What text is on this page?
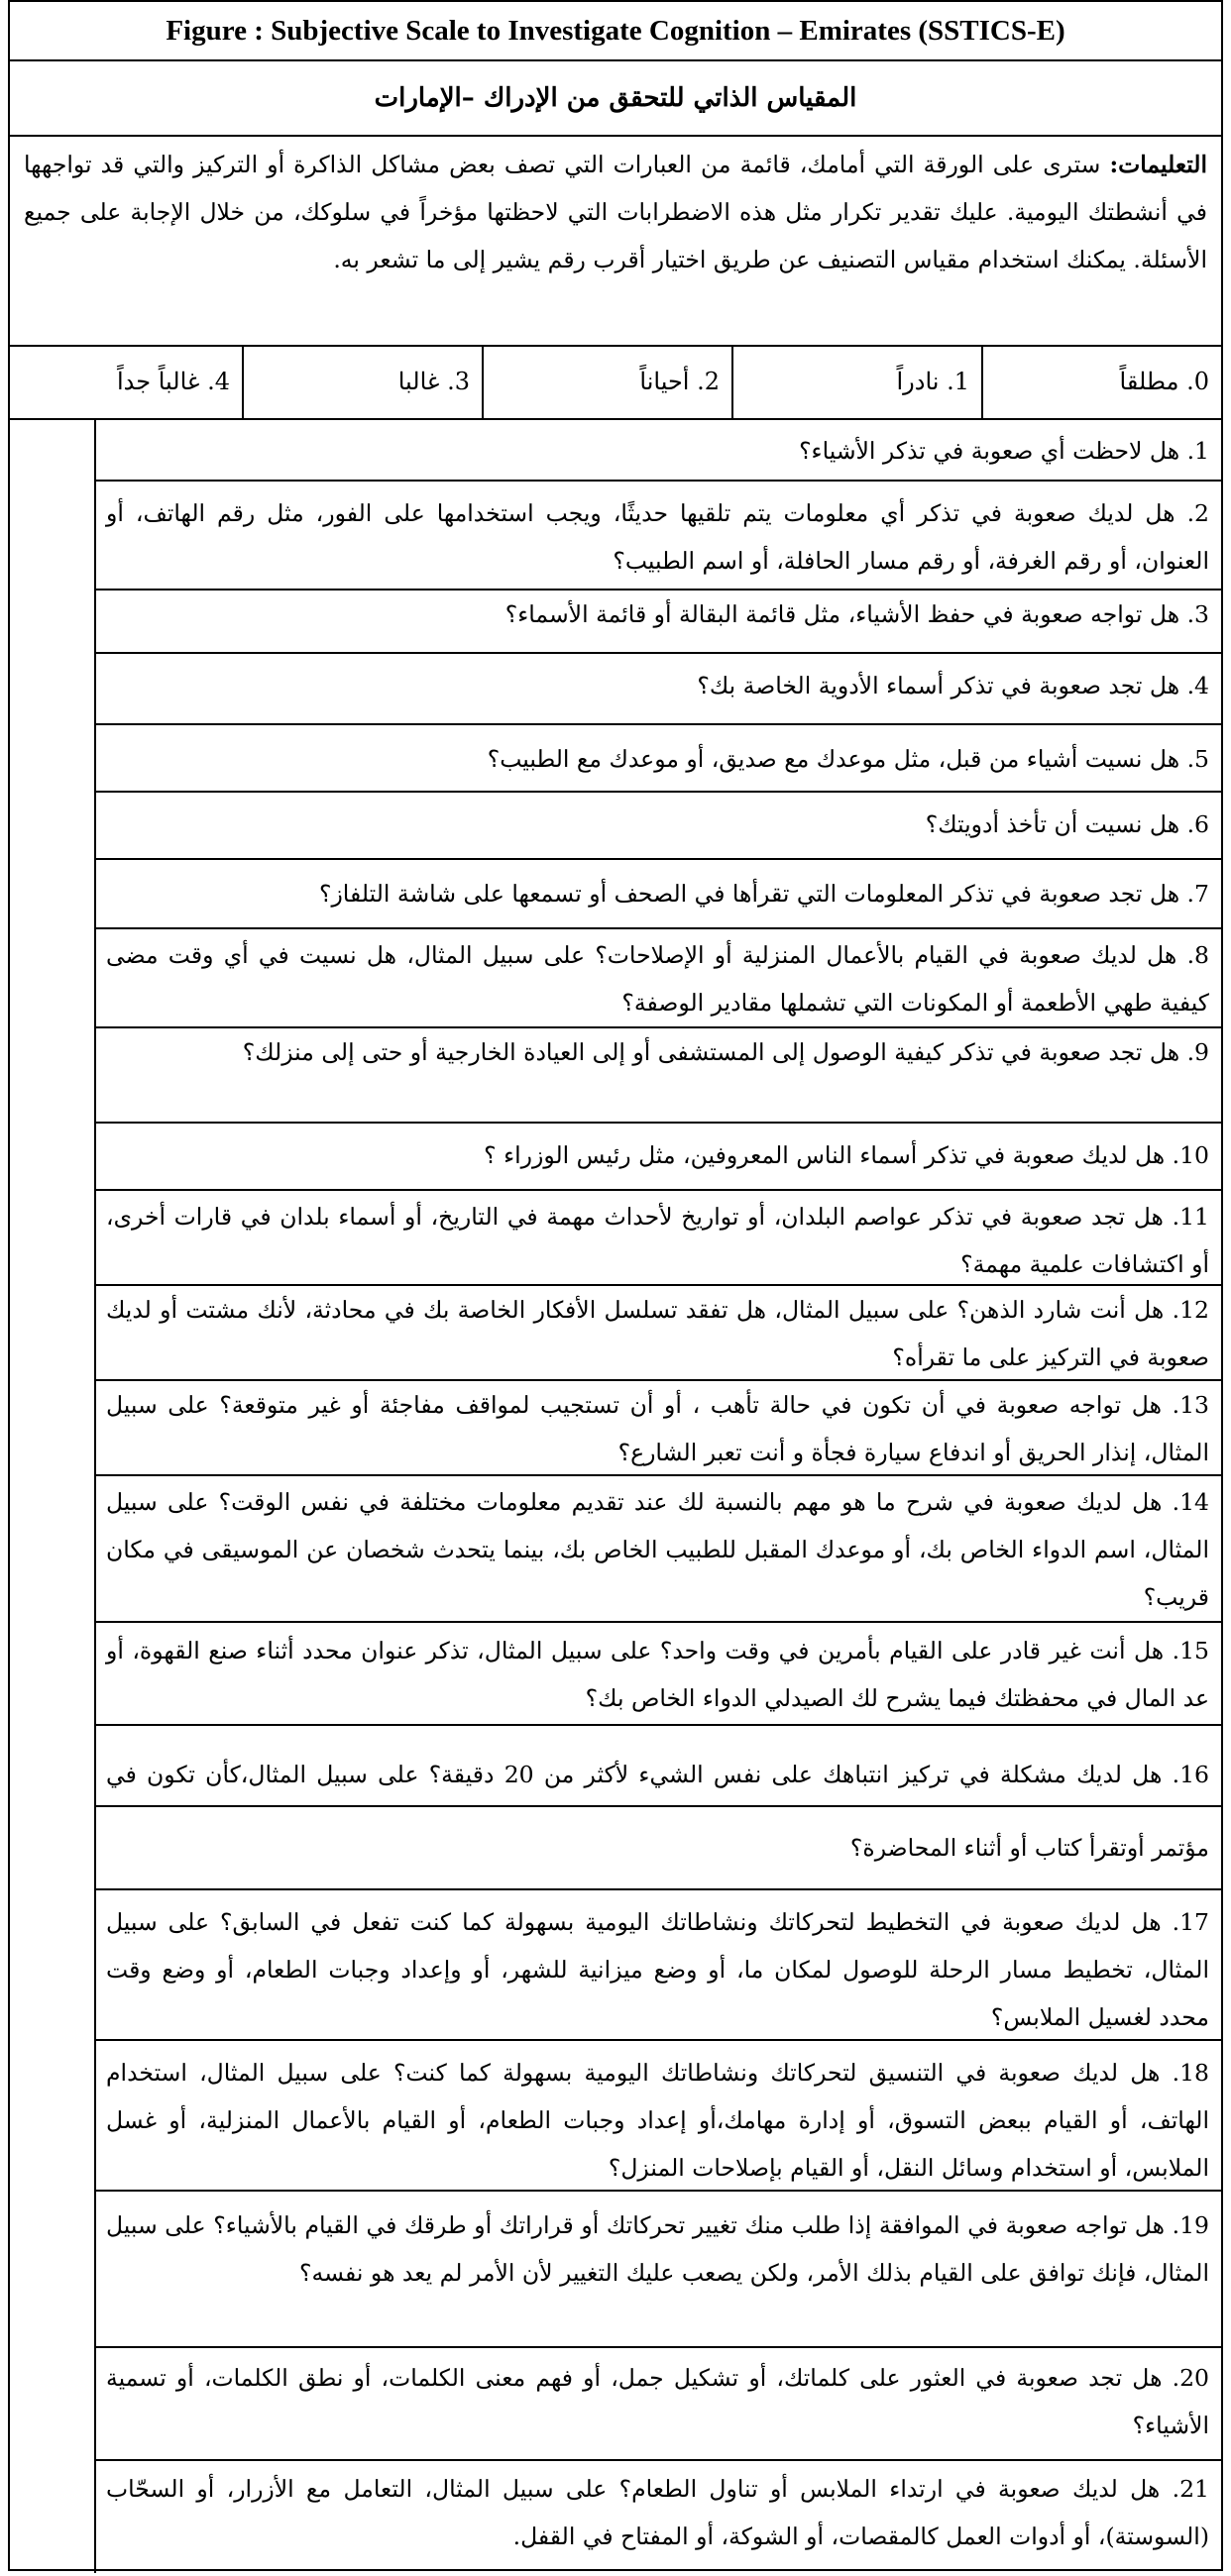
Figure : Subjective Scale to Investigate Cognition – Emirates (SSTICS-E)
المقياس الذاتي للتحقق من الإدراك –الإمارات
التعليمات: سترى على الورقة التي أمامك، قائمة من العبارات التي تصف بعض مشاكل الذاكرة أو التركيز والتي قد تواجهها في أنشطتك اليومية. عليك تقدير تكرار مثل هذه الاضطرابات التي لاحظتها مؤخراً في سلوكك، من خلال الإجابة على جميع الأسئلة. يمكنك استخدام مقياس التصنيف عن طريق اختيار أقرب رقم يشير إلى ما تشعر به.
0. مطلقاً
1. نادراً
2. أحياناً
3. غالبا
4. غالباً جداً
1. هل لاحظت أي صعوبة في تذكر الأشياء؟
2. هل لديك صعوبة في تذكر أي معلومات يتم تلقيها حديثًا، ويجب استخدامها على الفور، مثل رقم الهاتف، أو العنوان، أو رقم الغرفة، أو رقم مسار الحافلة، أو اسم الطبيب؟
3. هل تواجه صعوبة في حفظ الأشياء، مثل قائمة البقالة أو قائمة الأسماء؟
4. هل تجد صعوبة في تذكر أسماء الأدوية الخاصة بك؟
5. هل نسيت أشياء من قبل، مثل موعدك مع صديق، أو موعدك مع الطبيب؟
6. هل نسيت أن تأخذ أدويتك؟
7. هل تجد صعوبة في تذكر المعلومات التي تقرأها في الصحف أو تسمعها على شاشة التلفاز؟
8. هل لديك صعوبة في القيام بالأعمال المنزلية أو الإصلاحات؟ على سبيل المثال، هل نسيت في أي وقت مضى كيفية طهي الأطعمة أو المكونات التي تشملها مقادير الوصفة؟
9. هل تجد صعوبة في تذكر كيفية الوصول إلى المستشفى أو إلى العيادة الخارجية أو حتى إلى منزلك؟
10. هل لديك صعوبة في تذكر أسماء الناس المعروفين، مثل رئيس الوزراء ؟
11. هل تجد صعوبة في تذكر عواصم البلدان، أو تواريخ لأحداث مهمة في التاريخ، أو أسماء بلدان في قارات أخرى، أو اكتشافات علمية مهمة؟
12. هل أنت شارد الذهن؟ على سبيل المثال، هل تفقد تسلسل الأفكار الخاصة بك في محادثة، لأنك مشتت أو لديك صعوبة في التركيز على ما تقرأه؟
13. هل تواجه صعوبة في أن تكون في حالة تأهب ، أو أن تستجيب لمواقف مفاجئة أو غير متوقعة؟ على سبيل المثال، إنذار الحريق أو اندفاع سيارة فجأة و أنت تعبر الشارع؟
14. هل لديك صعوبة في شرح ما هو مهم بالنسبة لك عند تقديم معلومات مختلفة في نفس الوقت؟ على سبيل المثال، اسم الدواء الخاص بك، أو موعدك المقبل للطبيب الخاص بك، بينما يتحدث شخصان عن الموسيقى في مكان قريب؟
15. هل أنت غير قادر على القيام بأمرين في وقت واحد؟ على سبيل المثال، تذكر عنوان محدد أثناء صنع القهوة، أو عد المال في محفظتك فيما يشرح لك الصيدلي الدواء الخاص بك؟
16. هل لديك مشكلة في تركيز انتباهك على نفس الشيء لأكثر من 20 دقيقة؟ على سبيل المثال،كأن تكون في مؤتمر أوتقرأ كتاب أو أثناء المحاضرة؟
17. هل لديك صعوبة في التخطيط لتحركاتك ونشاطاتك اليومية بسهولة كما كنت تفعل في السابق؟ على سبيل المثال، تخطيط مسار الرحلة للوصول لمكان ما، أو وضع ميزانية للشهر، أو وإعداد وجبات الطعام، أو وضع وقت محدد لغسيل الملابس؟
18. هل لديك صعوبة في التنسيق لتحركاتك ونشاطاتك اليومية بسهولة كما كنت؟ على سبيل المثال، استخدام الهاتف، أو القيام ببعض التسوق، أو إدارة مهامك،أو إعداد وجبات الطعام، أو القيام بالأعمال المنزلية، أو غسل الملابس، أو استخدام وسائل النقل، أو القيام بإصلاحات المنزل؟
19. هل تواجه صعوبة في الموافقة إذا طلب منك تغيير تحركاتك أو قراراتك أو طرقك في القيام بالأشياء؟ على سبيل المثال، فإنك توافق على القيام بذلك الأمر، ولكن يصعب عليك التغيير لأن الأمر لم يعد هو نفسه؟
20. هل تجد صعوبة في العثور على كلماتك، أو تشكيل جمل، أو فهم معنى الكلمات، أو نطق الكلمات، أو تسمية الأشياء؟
21. هل لديك صعوبة في ارتداء الملابس أو تناول الطعام؟ على سبيل المثال، التعامل مع الأزرار، أو السحّاب (السوستة)، أو أدوات العمل كالمقصات، أو الشوكة، أو المفتاح في القفل.
